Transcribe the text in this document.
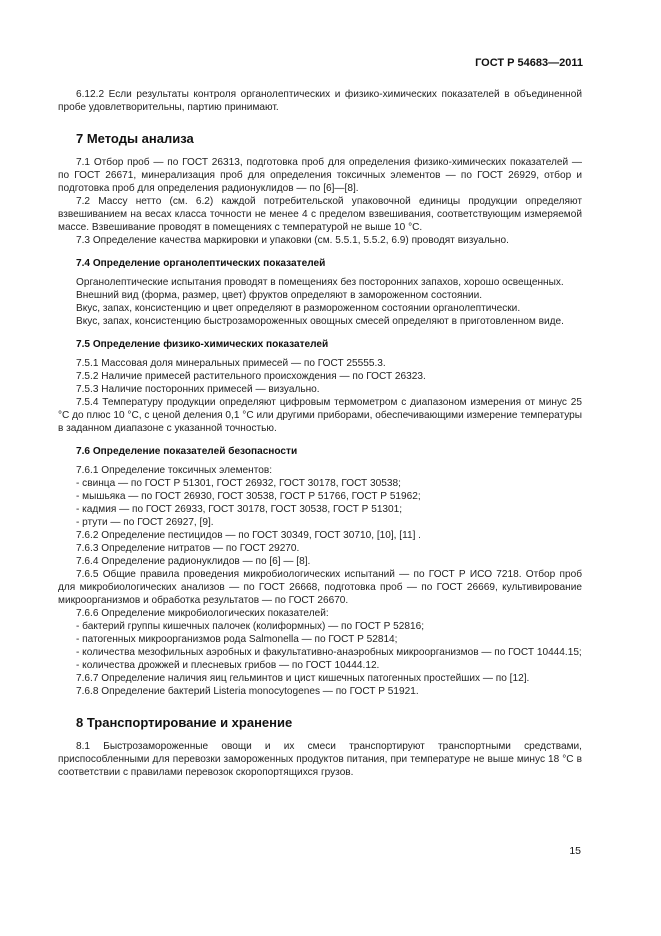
ГОСТ Р 54683—2011

6.12.2 Если результаты контроля органолептических и физико-химических показателей в объединенной пробе удовлетворительны, партию принимают.

7 Методы анализа

7.1 Отбор проб — по ГОСТ 26313, подготовка проб для определения физико-химических показателей — по ГОСТ 26671, минерализация проб для определения токсичных элементов — по ГОСТ 26929, отбор и подготовка проб для определения радионуклидов — по [6]—[8].

7.2 Массу нетто (см. 6.2) каждой потребительской упаковочной единицы продукции определяют взвешиванием на весах класса точности не менее 4 с пределом взвешивания, соответствующим измеряемой массе. Взвешивание проводят в помещениях с температурой не выше 10 °С.

7.3 Определение качества маркировки и упаковки (см. 5.5.1, 5.5.2, 6.9) проводят визуально.

7.4 Определение органолептических показателей

Органолептические испытания проводят в помещениях без посторонних запахов, хорошо освещенных.

Внешний вид (форма, размер, цвет) фруктов определяют в замороженном состоянии.

Вкус, запах, консистенцию и цвет определяют в размороженном состоянии органолептически.

Вкус, запах, консистенцию быстрозамороженных овощных смесей определяют в приготовленном виде.

7.5 Определение физико-химических показателей

7.5.1 Массовая доля минеральных примесей — по ГОСТ 25555.3.

7.5.2 Наличие примесей растительного происхождения — по ГОСТ 26323.

7.5.3 Наличие посторонних примесей — визуально.

7.5.4 Температуру продукции определяют цифровым термометром с диапазоном измерения от минус 25 °С до плюс 10 °С, с ценой деления 0,1 °С или другими приборами, обеспечивающими измерение температуры в заданном диапазоне с указанной точностью.

7.6 Определение показателей безопасности

7.6.1 Определение токсичных элементов:

- свинца — по ГОСТ Р 51301, ГОСТ 26932, ГОСТ 30178, ГОСТ 30538;

- мышьяка — по ГОСТ 26930, ГОСТ 30538, ГОСТ Р 51766, ГОСТ Р 51962;

- кадмия — по ГОСТ 26933, ГОСТ 30178, ГОСТ 30538, ГОСТ Р 51301;

- ртути — по ГОСТ 26927, [9].

7.6.2 Определение пестицидов — по ГОСТ 30349, ГОСТ 30710, [10], [11] .

7.6.3 Определение нитратов — по ГОСТ 29270.

7.6.4 Определение радионуклидов — по [6] — [8].

7.6.5 Общие правила проведения микробиологических испытаний — по ГОСТ Р ИСО 7218. Отбор проб для микробиологических анализов — по ГОСТ 26668, подготовка проб — по ГОСТ 26669, культивирование микроорганизмов и обработка результатов — по ГОСТ 26670.

7.6.6 Определение микробиологических показателей:

- бактерий группы кишечных палочек (колиформных) — по ГОСТ Р 52816;

- патогенных микроорганизмов рода Salmonella — по ГОСТ Р 52814;

- количества мезофильных аэробных и факультативно-анаэробных микроорганизмов — по ГОСТ 10444.15;

- количества дрожжей и плесневых грибов — по ГОСТ 10444.12.

7.6.7 Определение наличия яиц гельминтов и цист кишечных патогенных простейших — по [12].

7.6.8 Определение бактерий Listeria monocytogenes — по ГОСТ Р 51921.

8 Транспортирование и хранение

8.1 Быстрозамороженные овощи и их смеси транспортируют транспортными средствами, приспособленными для перевозки замороженных продуктов питания, при температуре не выше минус 18 °С в соответствии с правилами перевозок скоропортящихся грузов.

15
